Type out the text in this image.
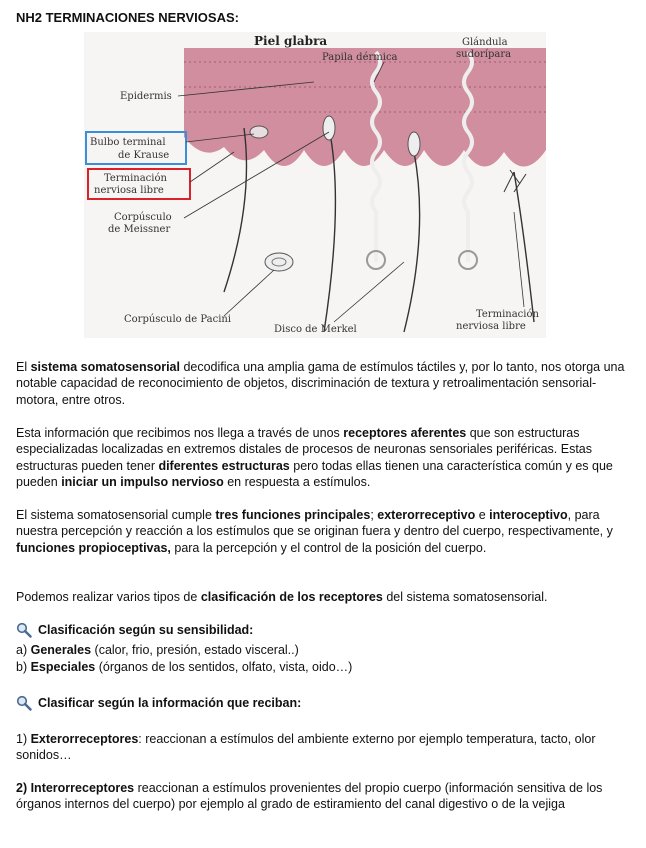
NH2 TERMINACIONES NERVIOSAS:
Piel glabra
Papila dérmica
Glándula
sudorípara
Epidermis
Bulbo terminal
de Krause
Terminación
nerviosa libre
Corpúsculo
de Meissner
Corpúsculo de Pacini
Disco de Merkel
Terminación
nerviosa libre

El sistema somatosensorial decodifica una amplia gama de estímulos táctiles y, por lo tanto, nos otorga una notable capacidad de reconocimiento de objetos, discriminación de textura y retroalimentación sensorial-motora, entre otros.

Esta información que recibimos nos llega a través de unos receptores aferentes que son estructuras especializadas localizadas en extremos distales de procesos de neuronas sensoriales periféricas. Estas estructuras pueden tener diferentes estructuras pero todas ellas tienen una característica común y es que pueden iniciar un impulso nervioso en respuesta a estímulos.

El sistema somatosensorial cumple tres funciones principales; exterorreceptivo e interoceptivo, para nuestra percepción y reacción a los estímulos que se originan fuera y dentro del cuerpo, respectivamente, y funciones propioceptivas, para la percepción y el control de la posición del cuerpo.

Podemos realizar varios tipos de clasificación de los receptores del sistema somatosensorial.

Clasificación según su sensibilidad:
a) Generales (calor, frio, presión, estado visceral..)
b) Especiales (órganos de los sentidos, olfato, vista, oido…)
Clasificar según la información que reciban:

1) Exterorreceptores: reaccionan a estímulos del ambiente externo por ejemplo temperatura, tacto, olor sonidos…

2) Interorreceptores reaccionan a estímulos provenientes del propio cuerpo (información sensitiva de los órganos internos del cuerpo) por ejemplo al grado de estiramiento del canal digestivo o de la vejiga
